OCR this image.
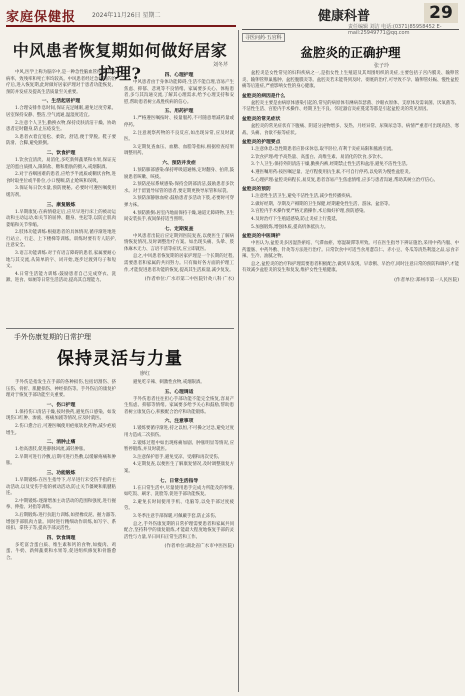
家庭保健报	2024年11月26日 星期二	健康科普	29
责任编辑 刘洁 电话:(0371)85958452 E-mail:25949771@qq.com
中风患者恢复期如何做好居家护理?	刘冬芹
中风,医学上称为脑卒中,是一种急性脑血管疾病,其发病率、致残率和死亡率均较高。中风患者经过急性期的治疗后,进入恢复期,此时做好居家护理对于患者功能恢复、预防并发症及提高生活质量至关重要。
一、生活起居护理
1.合理安排作息时间,保证充足睡眠,避免过度劳累。居室保持安静、整洁,空气流通,温湿度适宜。
2.注意个人卫生,勤换衣物,保持皮肤清洁干燥。协助患者定时翻身,防止压疮发生。
3.患者衣着宜宽松、柔软、舒适,便于穿脱。鞋子要防滑、合脚,避免跌倒。
二、饮食护理
1.饮食宜清淡、易消化,多吃新鲜蔬菜和水果,保证充足的蛋白质摄入,限制盐、糖和脂肪的摄入,戒烟限酒。
2.对于吞咽困难的患者,应给予半流质或糊状食物,进食时取坐位或半卧位,小口慢咽,防止呛咳和误吸。
3.保证每日饮水量,预防便秘。必要时可遵医嘱使用缓泻剂。
三、康复锻炼
1.早期康复:在病情稳定后,应尽早进行床上的被动运动和主动运动,如关节的屈伸、翻身、坐起等,以防止肌肉萎缩和关节挛缩。
2.肢体功能训练:根据患者的具体情况,循序渐进地进行站立、行走、上下楼梯等训练。训练时要有专人陪护,注意安全。
3.语言功能训练:对于有语言障碍的患者,家属要耐心地与其交流,从简单的字、词开始,逐步过渡到句子和短文。
4.日常生活能力训练:鼓励患者自己完成穿衣、洗漱、进食、如厕等日常生活活动,提高其自理能力。
四、心理护理
中风患者由于身体功能障碍,生活不能自理,容易产生焦虑、抑郁、悲观等不良情绪。家属要多关心、体贴患者,多与其沟通交流,了解其心理需求,给予心理支持和安慰,帮助患者树立战胜疾病的信心。
五、用药护理
1.严格遵医嘱按时、按量服药,不可随意增减药量或停药。
2.注意观察药物的不良反应,如出现异常,应及时就医。
3.定期复查血压、血糖、血脂等指标,根据检查结果调整用药。
六、预防并发症
1.预防肺部感染:保持呼吸道通畅,定时翻身、拍背,鼓励患者咳嗽、咳痰。
2.预防泌尿系统感染:保持会阴部清洁,鼓励患者多饮水。对于留置导尿管的患者,要定期更换导尿管和尿袋。
3.预防深静脉血栓:鼓励患者多活动下肢,必要时可穿弹力袜。
4.预防跌倒:居室内地面保持干燥,通道无障碍物,卫生间安装扶手,夜间保持适当照明。
七、定期复查
中风患者出院后应定期到医院复查,以便医生了解病情恢复情况,及时调整治疗方案。如出现头痛、头晕、肢体麻木无力、言语不清等症状,应立即就医。
总之,中风患者恢复期的居家护理是一个长期的过程,需要患者和家属的共同努力。只有做好各方面的护理工作,才能促进患者功能的恢复,提高其生活质量,减少复发。
(作者单位:广水市第二中医院针灸八科 广水)
手外伤康复期的日常护理
保持灵活与力量
廖红
手外伤是指发生在手部的各种损伤,包括切割伤、挤压伤、骨折、肌腱损伤、神经损伤等。手外伤后的康复护理对于恢复手部功能至关重要。
一、伤口护理
1.保持伤口清洁干燥,按时换药,避免伤口感染。如发现伤口红肿、渗液、疼痛加剧等情况,应及时就医。
2.伤口愈合后,可遵医嘱使用疤痕软化药物,减少疤痕增生。
二、消肿止痛
1.抬高患肢,促进静脉回流,减轻肿胀。
2.早期可进行冷敷,后期可进行热敷,以缓解疼痛和肿胀。
三、功能锻炼
1.早期锻炼:在医生指导下,尽早进行未受伤手指的主动活动,以及受伤手指的被动活动,防止关节僵硬和肌腱粘连。
2.中期锻炼:逐渐增加主动活动的范围和强度,进行握拳、伸指、对指等训练。
3.后期锻炼:进行抗阻力训练,如捏橡皮泥、握力器等,增强手部肌肉力量。同时进行精细动作训练,如写字、系纽扣、拿筷子等,提高手部灵活性。
四、饮食调理
多吃富含蛋白质、维生素和钙的食物,如瘦肉、鸡蛋、牛奶、新鲜蔬菜和水果等,促进组织修复和骨骼愈合。
避免吃辛辣、刺激性食物,戒烟限酒。
五、心理调适
手外伤患者往往担心手部功能不能完全恢复,容易产生焦虑、抑郁等情绪。家属要多给予关心和鼓励,帮助患者树立康复信心,积极配合治疗和功能锻炼。
六、注意事项
1.锻炼要循序渐进,持之以恒,不可操之过急,避免过度用力造成二次损伤。
2.锻炼过程中如出现疼痛加剧、肿胀明显等情况,应暂停锻炼,并及时就医。
3.注意保护患手,避免受凉、受潮和再次受伤。
4.定期复查,以便医生了解康复情况,及时调整康复方案。
七、日常生活指导
1.在日常生活中,尽量使用患手完成力所能及的事情,如吃饭、刷牙、洗脸等,促进手部功能恢复。
2.避免长时间使用手机、电脑等,以免手部过度疲劳。
3.冬季注意手部保暖,可佩戴手套,防止冻伤。
总之,手外伤康复期的日常护理需要患者和家属共同配合,坚持科学的康复锻炼,才能最大程度地恢复手部的灵活性与力量,早日回归正常生活和工作。
(作者单位:湖北省广水市中医医院)
寻医问药·五官科
盆腔炎的正确护理
张子玲
盆腔炎是女性常见的妇科疾病之一,是指女性上生殖道及其周围组织的炎症,主要包括子宫内膜炎、输卵管炎、输卵管卵巢脓肿、盆腔腹膜炎等。盆腔炎若未能得到及时、彻底的治疗,可导致不孕、输卵管妊娠、慢性盆腔痛等后遗症,严重影响女性的身心健康。
盆腔炎的病因是什么
盆腔炎主要是由病原体感染引起的,常见的病原体有淋病奈瑟菌、沙眼衣原体、支原体及需氧菌、厌氧菌等。不洁性生活、宫腔内手术操作、经期卫生不良、邻近器官炎症蔓延等都是引起盆腔炎的常见原因。
盆腔炎的常见症状
盆腔炎的常见症状有下腹痛、阴道分泌物增多、发热、月经异常、尿频尿急等。病情严重者可出现高热、寒战、头痛、食欲不振等症状。
盆腔炎的护理要点
1.注意休息:急性期患者应卧床休息,取半卧位,有利于炎症局限和脓液引流。
2.饮食护理:给予高热量、高蛋白、高维生素、易消化的饮食,多饮水。
3.个人卫生:保持外阴清洁干燥,勤换内裤,经期禁止性生活和盆浴,避免不洁性生活。
4.遵医嘱用药:按医嘱足量、足疗程使用抗生素,不可自行停药,以免转为慢性盆腔炎。
5.心理护理:盆腔炎病程长,易反复,患者容易产生焦虑情绪,应多与患者沟通,帮助其树立治疗信心。
盆腔炎的预防
1.注意性生活卫生,避免不洁性生活,减少性传播疾病。
2.做好经期、孕期及产褥期的卫生保健,经期避免性生活、游泳、盆浴等。
3.宫腔内手术操作要严格无菌操作,术后做好护理,预防感染。
4.及时治疗下生殖道感染,防止炎症上行蔓延。
5.加强锻炼,增强体质,提高机体抵抗力。
盆腔炎的中医调护
中医认为,盆腔炎多因湿热瘀结、气滞血瘀、寒湿凝滞等所致。可在医生指导下辨证施治,采用中药内服、中药灌肠、中药外敷、针灸等方法进行治疗。日常饮食中可适当食用薏苡仁、赤小豆、冬瓜等清热利湿之品,忌食辛辣、生冷、油腻之物。
总之,盆腔炎的治疗和护理需要患者积极配合,做到早发现、早诊断、早治疗,同时注意日常的预防和调护,才能有效减少盆腔炎的发生和复发,维护女性生殖健康。
(作者单位:郑州市第一人民医院)
